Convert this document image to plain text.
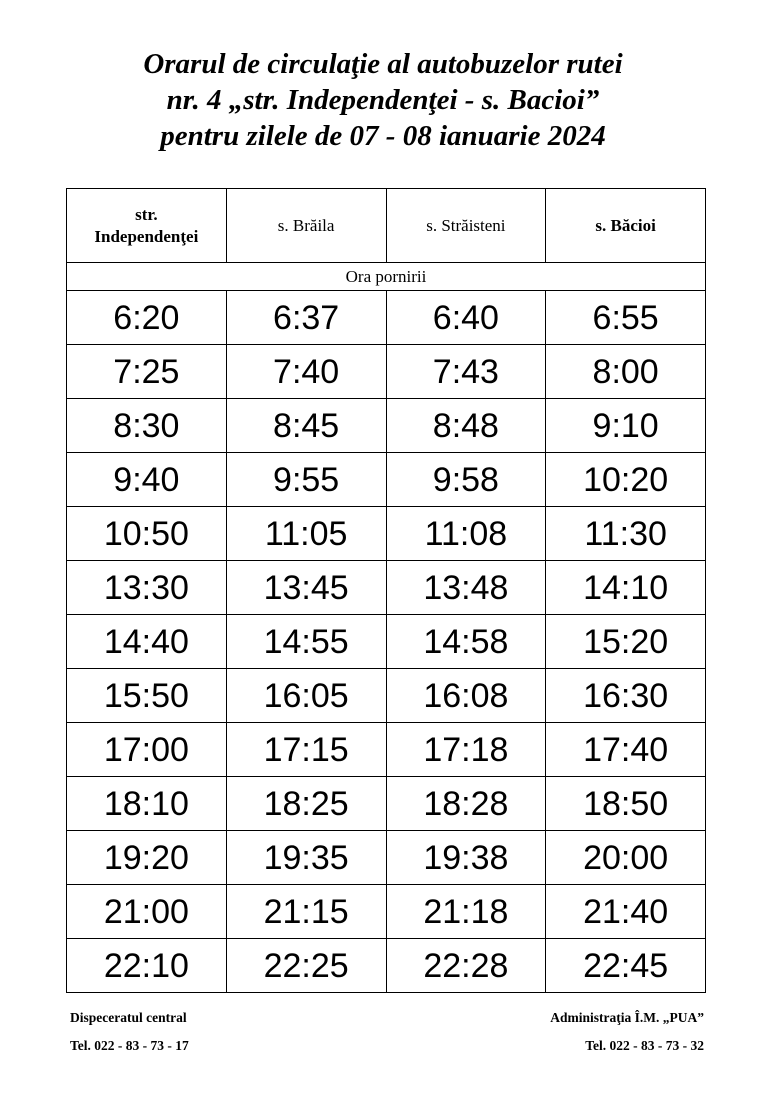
Orarul de circulaţie al autobuzelor rutei
nr. 4 „str. Independenţei - s. Bacioi”
pentru zilele de 07 - 08 ianuarie 2024
str. Independenţei	s. Brăila	s. Străisteni	s. Băcioi
Ora pornirii			
6:20	6:37	6:40	6:55
7:25	7:40	7:43	8:00
8:30	8:45	8:48	9:10
9:40	9:55	9:58	10:20
10:50	11:05	11:08	11:30
13:30	13:45	13:48	14:10
14:40	14:55	14:58	15:20
15:50	16:05	16:08	16:30
17:00	17:15	17:18	17:40
18:10	18:25	18:28	18:50
19:20	19:35	19:38	20:00
21:00	21:15	21:18	21:40
22:10	22:25	22:28	22:45
Dispeceratul central
Tel. 022 - 83 - 73 - 17
Administraţia Î.M. „PUA”
Tel. 022 - 83 - 73 - 32
